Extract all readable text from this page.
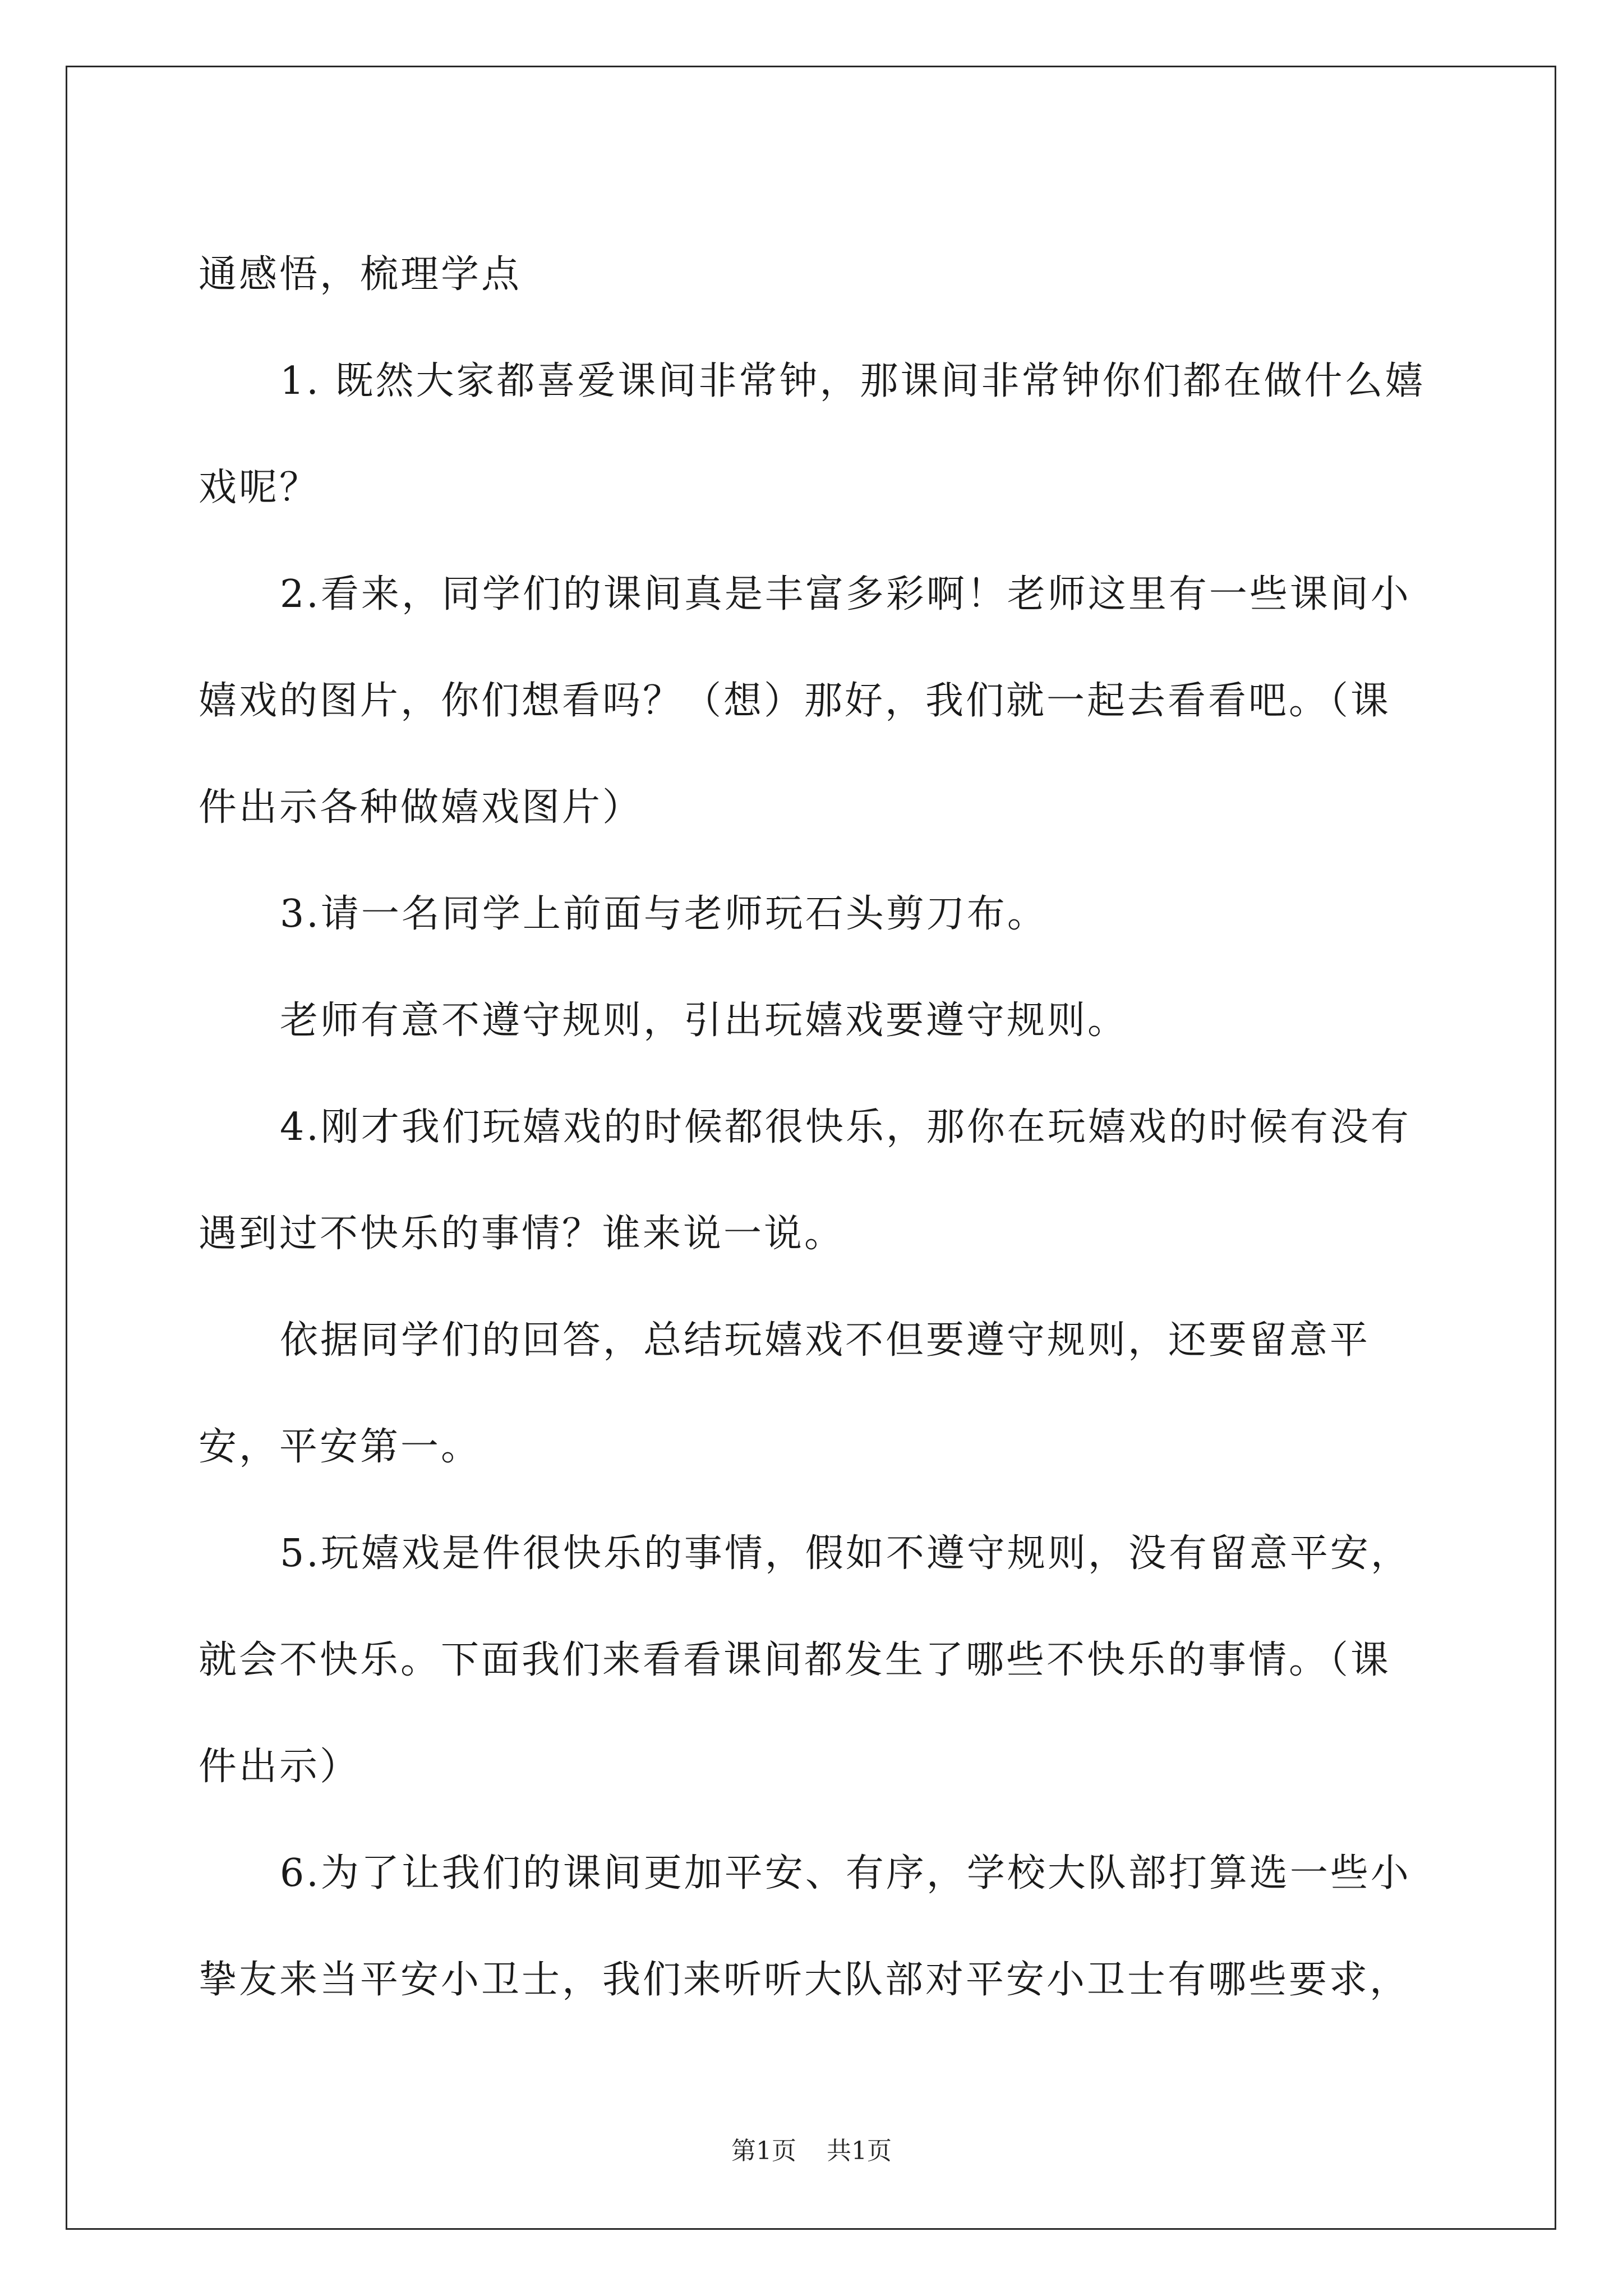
通感悟，梳理学点

1. 既然大家都喜爱课间非常钟，那课间非常钟你们都在做什么嬉戏呢？

2.看来，同学们的课间真是丰富多彩啊！老师这里有一些课间小嬉戏的图片，你们想看吗？（想）那好，我们就一起去看看吧。（课件出示各种做嬉戏图片）

3.请一名同学上前面与老师玩石头剪刀布。

老师有意不遵守规则，引出玩嬉戏要遵守规则。

4.刚才我们玩嬉戏的时候都很快乐，那你在玩嬉戏的时候有没有遇到过不快乐的事情？谁来说一说。

依据同学们的回答，总结玩嬉戏不但要遵守规则，还要留意平安，平安第一。

5.玩嬉戏是件很快乐的事情，假如不遵守规则，没有留意平安，就会不快乐。下面我们来看看课间都发生了哪些不快乐的事情。（课件出示）

6.为了让我们的课间更加平安、有序，学校大队部打算选一些小挚友来当平安小卫士，我们来听听大队部对平安小卫士有哪些要求，

第1页 共1页
